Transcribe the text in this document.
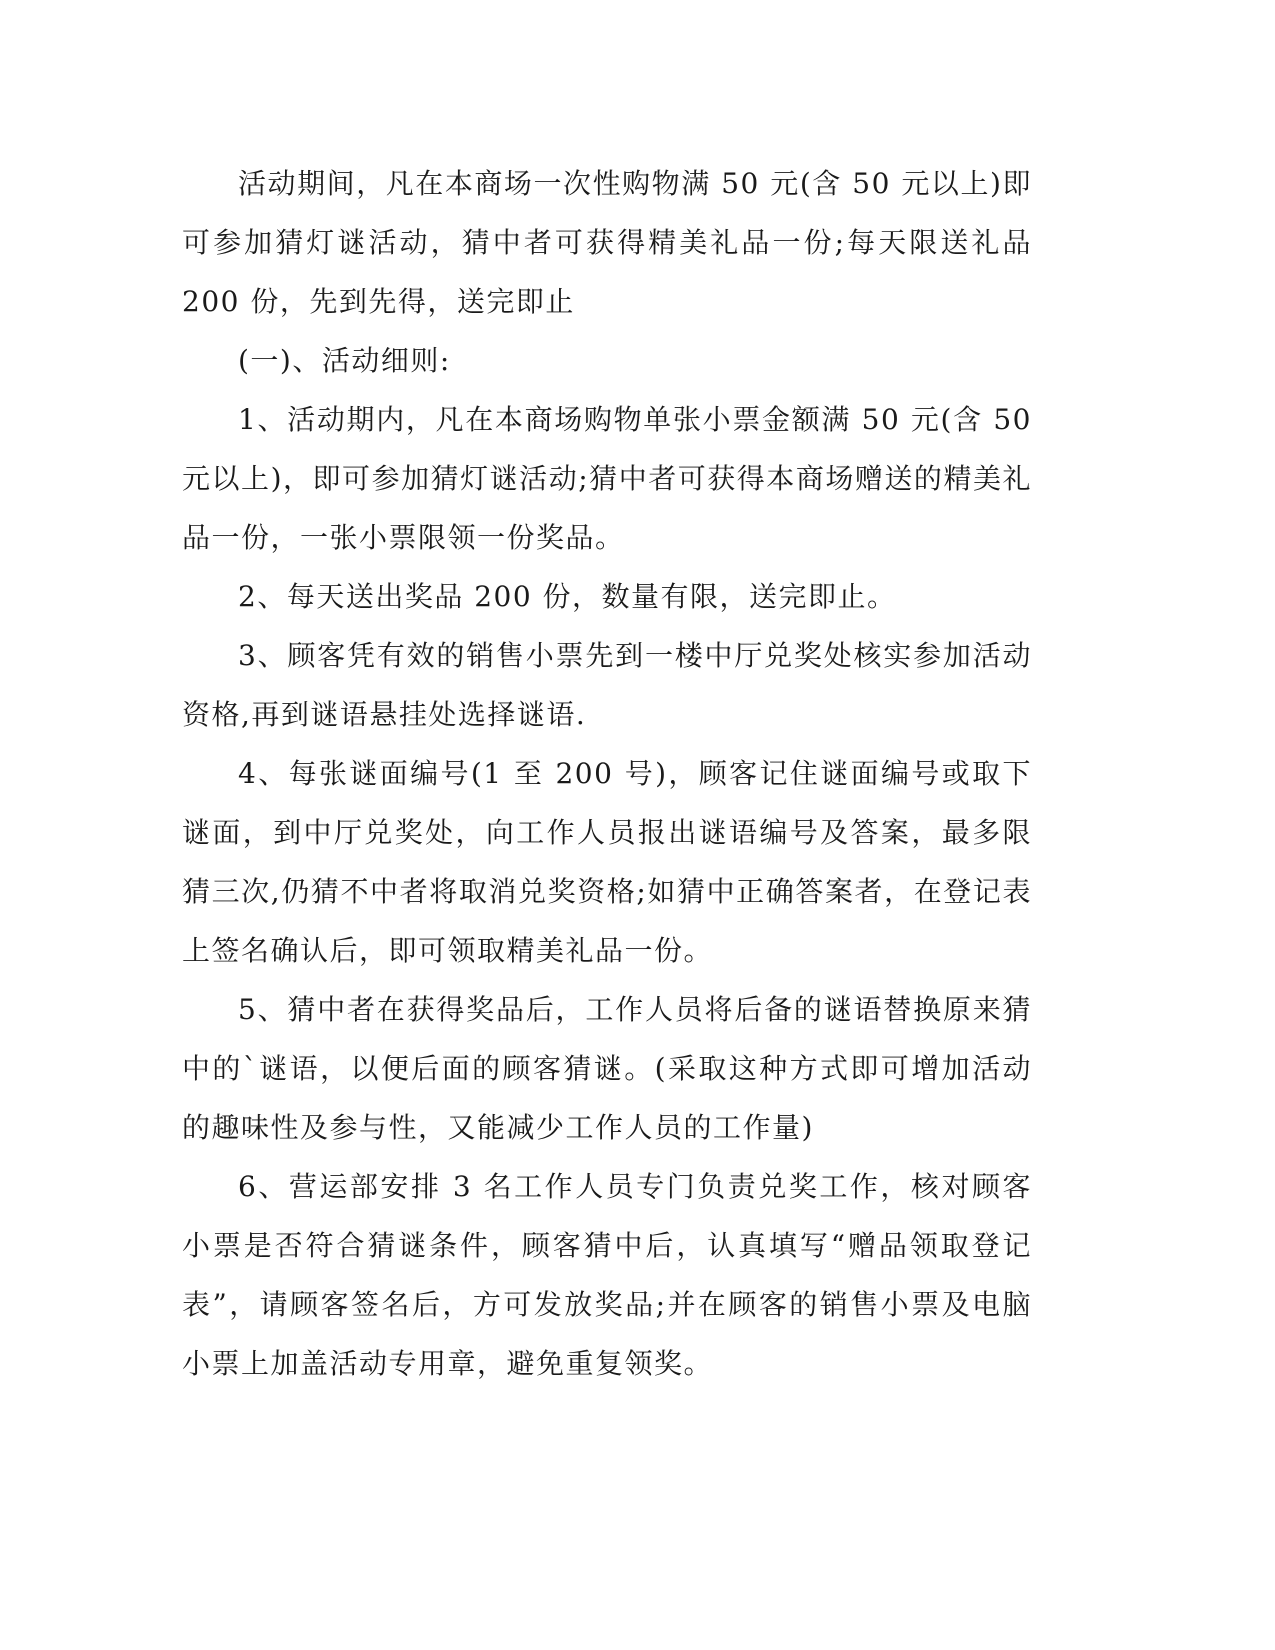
活动期间，凡在本商场一次性购物满 50 元(含 50 元以上)即可参加猜灯谜活动，猜中者可获得精美礼品一份;每天限送礼品 200 份，先到先得，送完即止

(一)、活动细则:

1、活动期内，凡在本商场购物单张小票金额满 50 元(含 50 元以上)，即可参加猜灯谜活动;猜中者可获得本商场赠送的精美礼品一份，一张小票限领一份奖品。

2、每天送出奖品 200 份，数量有限，送完即止。

3、顾客凭有效的销售小票先到一楼中厅兑奖处核实参加活动资格,再到谜语悬挂处选择谜语.

4、每张谜面编号(1 至 200 号)，顾客记住谜面编号或取下谜面，到中厅兑奖处，向工作人员报出谜语编号及答案，最多限猜三次,仍猜不中者将取消兑奖资格;如猜中正确答案者，在登记表上签名确认后，即可领取精美礼品一份。

5、猜中者在获得奖品后，工作人员将后备的谜语替换原来猜中的`谜语，以便后面的顾客猜谜。(采取这种方式即可增加活动的趣味性及参与性，又能减少工作人员的工作量)

6、营运部安排 3 名工作人员专门负责兑奖工作，核对顾客小票是否符合猜谜条件，顾客猜中后，认真填写“赠品领取登记表”，请顾客签名后，方可发放奖品;并在顾客的销售小票及电脑小票上加盖活动专用章，避免重复领奖。
